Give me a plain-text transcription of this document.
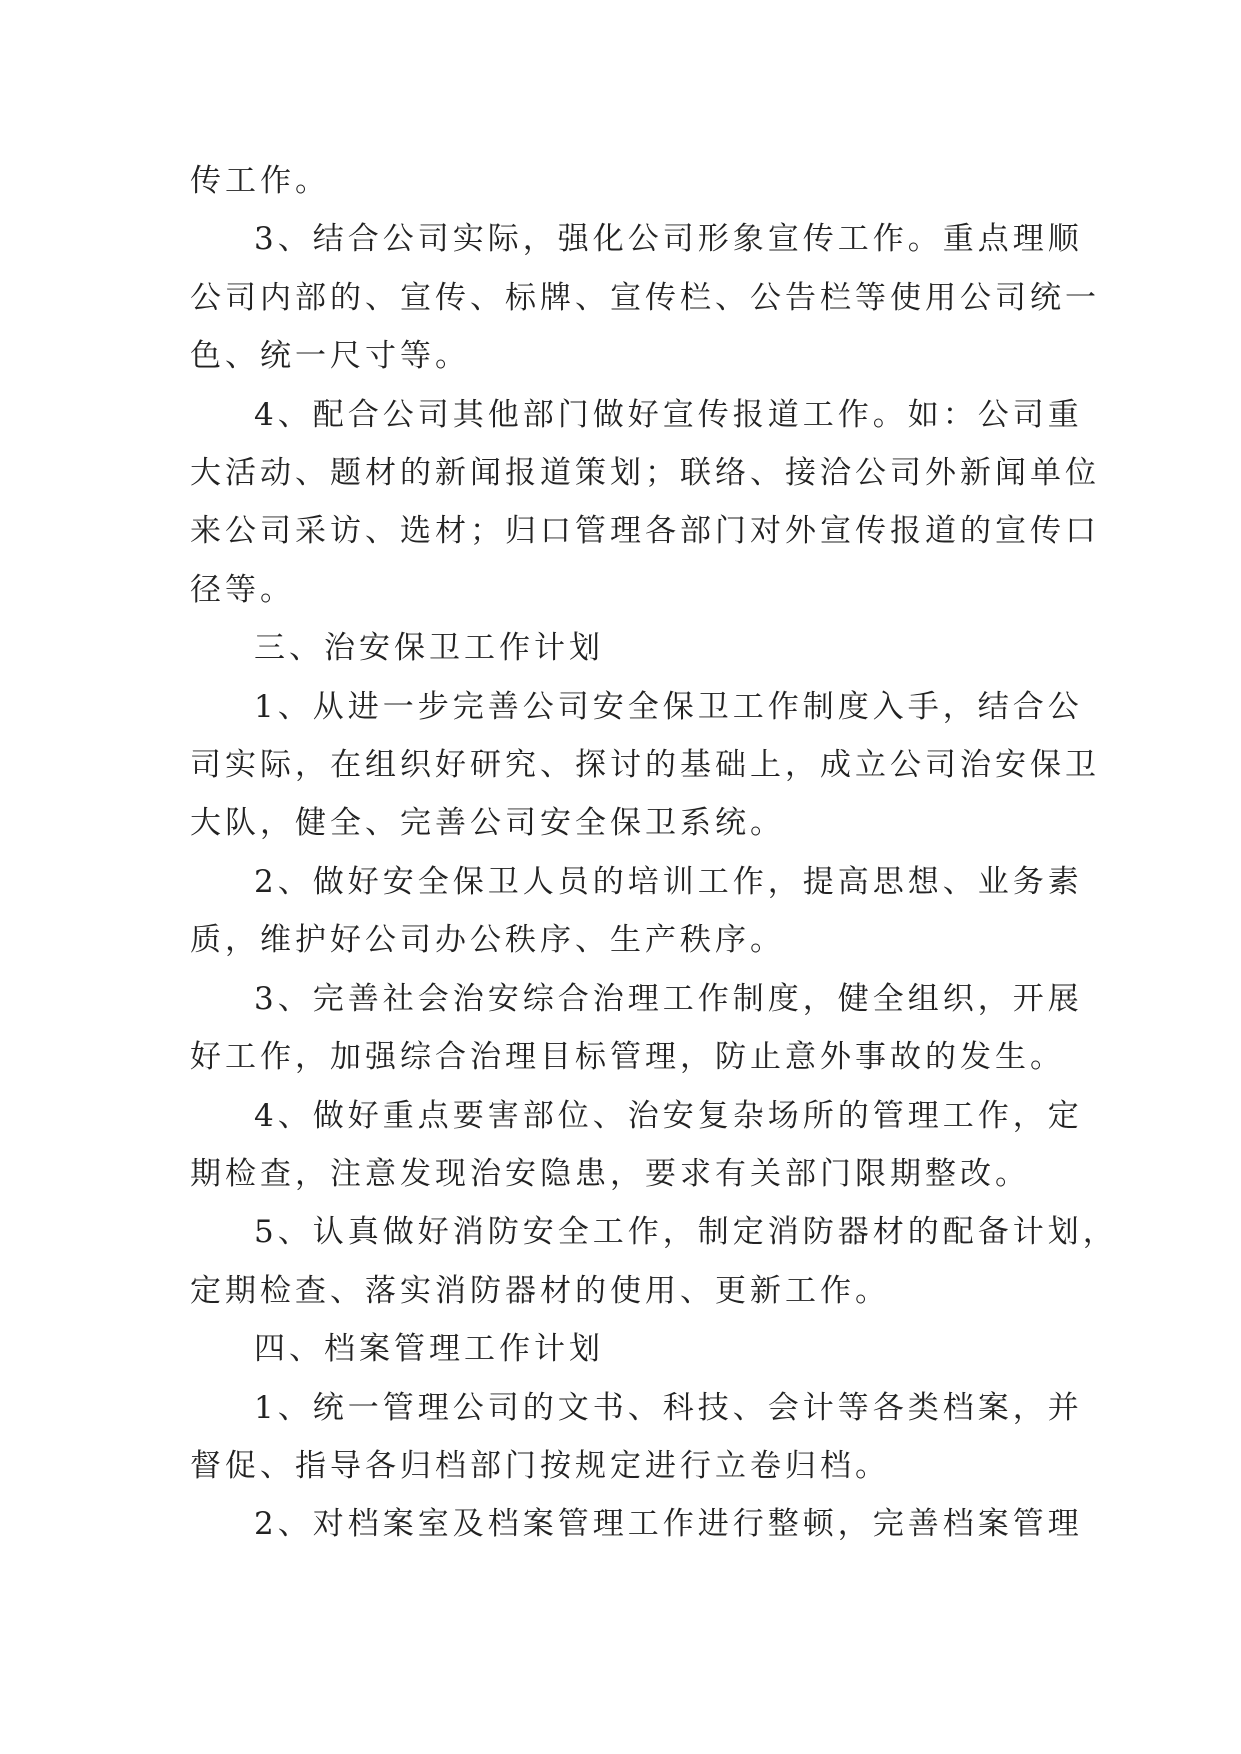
传工作。
3、结合公司实际，强化公司形象宣传工作。重点理顺
公司内部的、宣传、标牌、宣传栏、公告栏等使用公司统一
色、统一尺寸等。
4、配合公司其他部门做好宣传报道工作。如：公司重
大活动、题材的新闻报道策划；联络、接洽公司外新闻单位
来公司采访、选材；归口管理各部门对外宣传报道的宣传口
径等。
三、治安保卫工作计划
1、从进一步完善公司安全保卫工作制度入手，结合公
司实际，在组织好研究、探讨的基础上，成立公司治安保卫
大队，健全、完善公司安全保卫系统。
2、做好安全保卫人员的培训工作，提高思想、业务素
质，维护好公司办公秩序、生产秩序。
3、完善社会治安综合治理工作制度，健全组织，开展
好工作，加强综合治理目标管理，防止意外事故的发生。
4、做好重点要害部位、治安复杂场所的管理工作，定
期检查，注意发现治安隐患，要求有关部门限期整改。
5、认真做好消防安全工作，制定消防器材的配备计划，
定期检查、落实消防器材的使用、更新工作。
四、档案管理工作计划
1、统一管理公司的文书、科技、会计等各类档案，并
督促、指导各归档部门按规定进行立卷归档。
2、对档案室及档案管理工作进行整顿，完善档案管理
